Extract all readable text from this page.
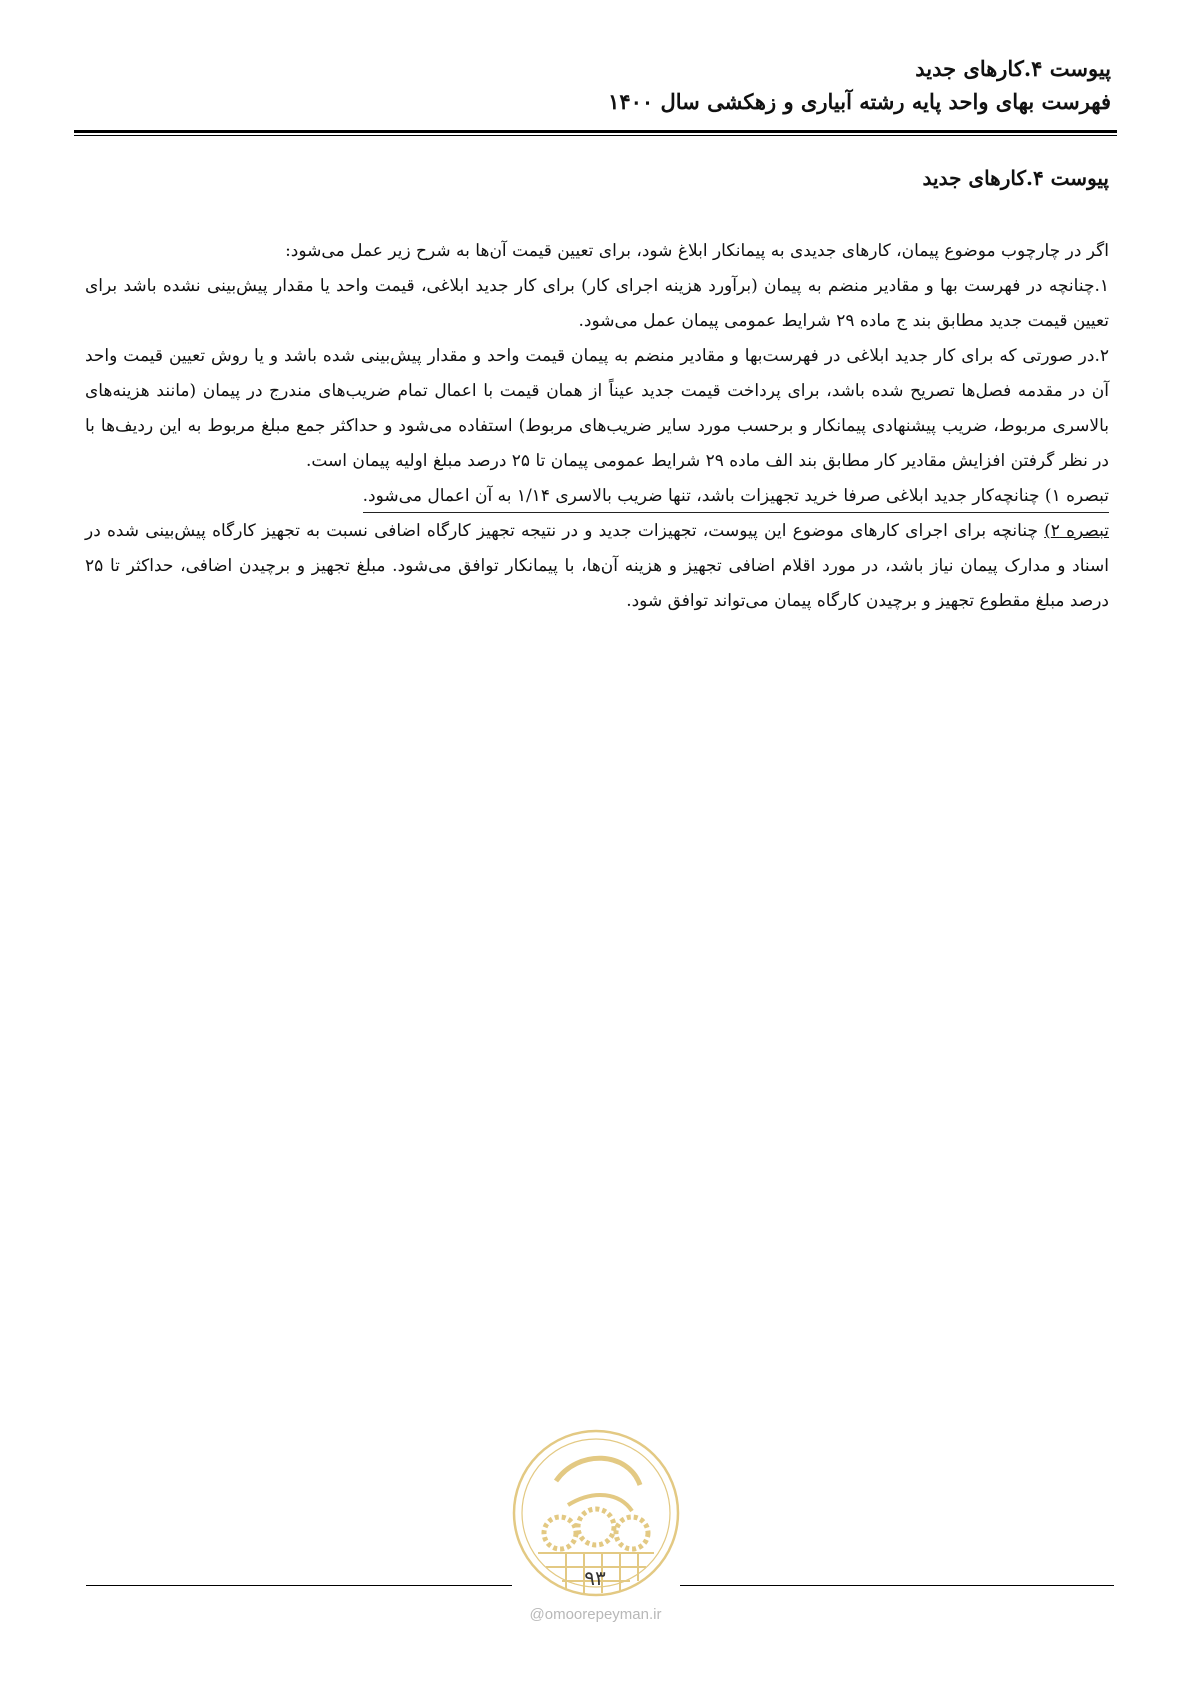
پیوست ۴.کارهای جدید
فهرست بهای واحد پایه رشته آبیاری و زهکشی سال ۱۴۰۰
پیوست ۴.کارهای جدید

اگر در چارچوب موضوع پیمان، کارهای جدیدی به پیمانکار ابلاغ شود، برای تعیین قیمت آن‌ها به شرح زیر عمل می‌شود:

۱.چنانچه در فهرست بها و مقادیر منضم به پیمان (برآورد هزینه اجرای کار) برای کار جدید ابلاغی، قیمت واحد یا مقدار پیش‌بینی نشده باشد برای تعیین قیمت جدید مطابق بند ج ماده ۲۹ شرایط عمومی پیمان عمل می‌شود.

۲.در صورتی که برای کار جدید ابلاغی در فهرست‌بها و مقادیر منضم به پیمان قیمت واحد و مقدار پیش‌بینی شده باشد و یا روش تعیین قیمت واحد آن در مقدمه فصل‌ها تصریح شده باشد، برای پرداخت قیمت جدید عیناً از همان قیمت با اعمال تمام ضریب‌های مندرج در پیمان (مانند هزینه‌های بالاسری مربوط، ضریب پیشنهادی پیمانکار و برحسب مورد سایر ضریب‌های مربوط) استفاده می‌شود و حداکثر جمع مبلغ مربوط به این ردیف‌ها با در نظر گرفتن افزایش مقادیر کار مطابق بند الف ماده ۲۹ شرایط عمومی پیمان تا ۲۵ درصد مبلغ اولیه پیمان است.

تبصره ۱) چنانچه‌کار جدید ابلاغی صرفا خرید تجهیزات باشد، تنها ضریب بالاسری ۱/۱۴ به آن اعمال می‌شود.

تبصره ۲) چنانچه برای اجرای کارهای موضوع این پیوست، تجهیزات جدید و در نتیجه تجهیز کارگاه اضافی نسبت به تجهیز کارگاه پیش‌بینی شده در اسناد و مدارک پیمان نیاز باشد، در مورد اقلام اضافی تجهیز و هزینه آن‌ها، با پیمانکار توافق می‌شود. مبلغ تجهیز و برچیدن اضافی، حداکثر تا ۲۵ درصد مبلغ مقطوع تجهیز و برچیدن کارگاه پیمان می‌تواند توافق شود.

۹۳
@omoorepeyman.ir
